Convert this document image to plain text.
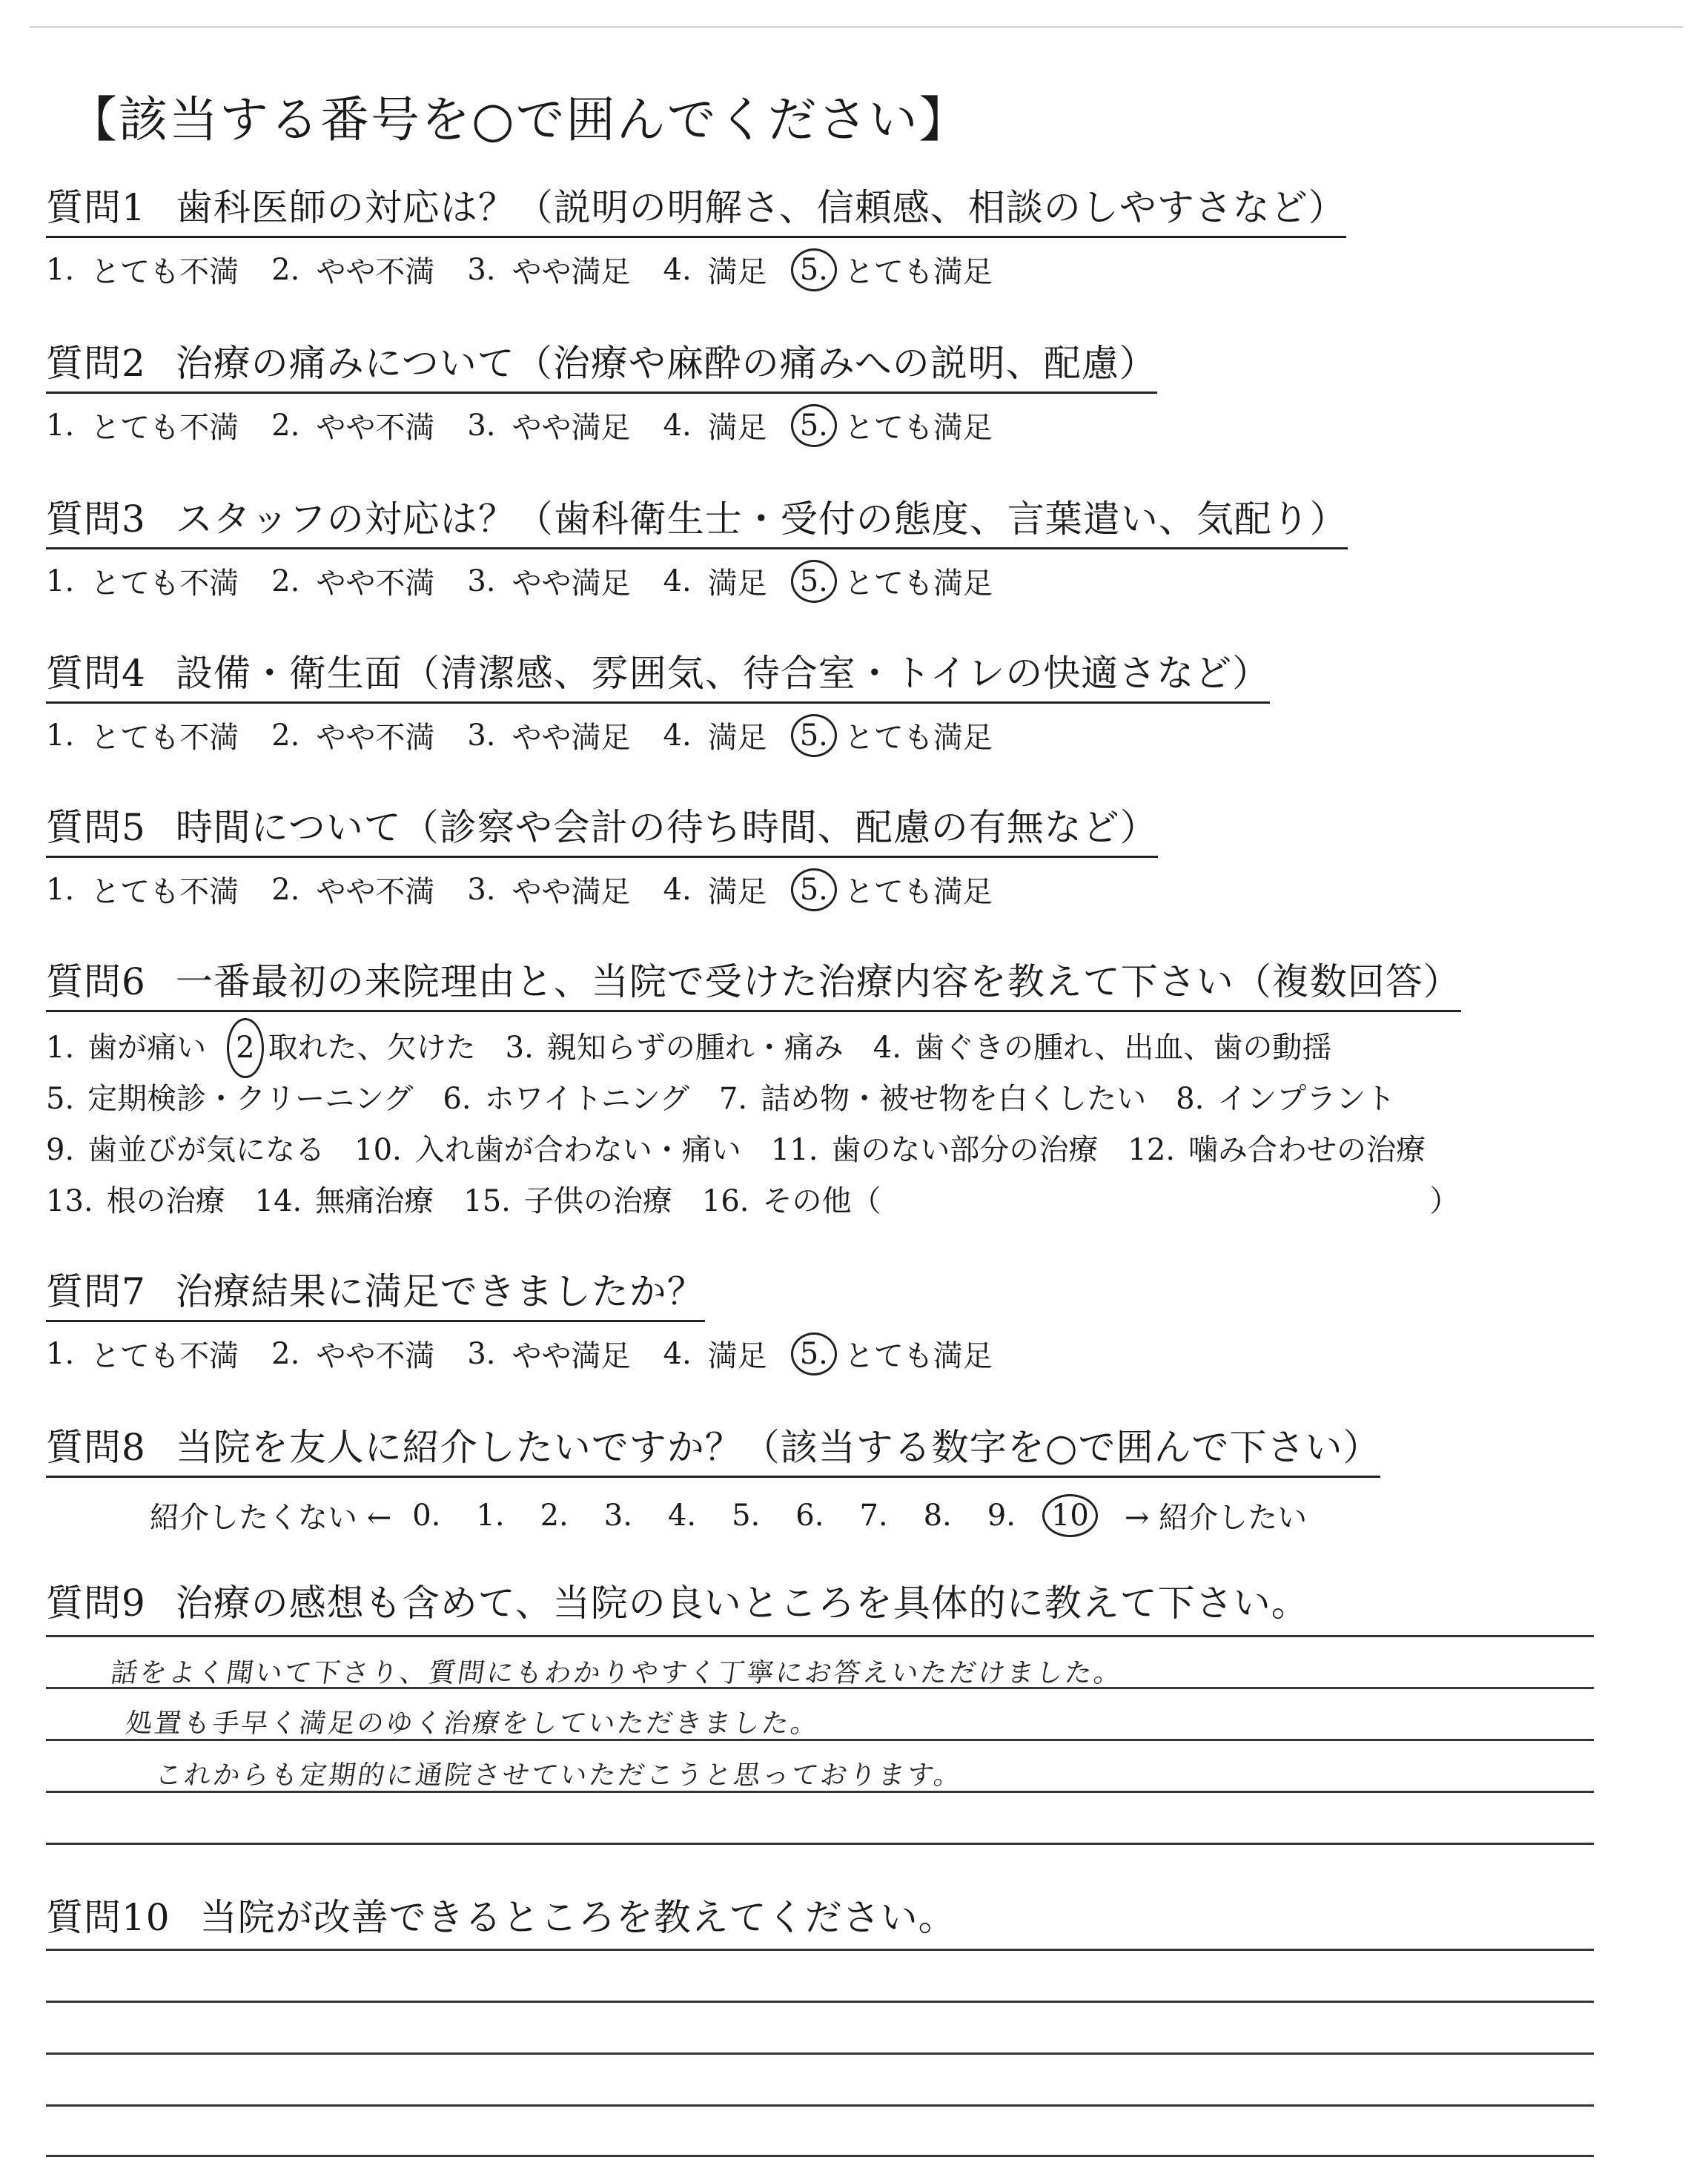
【該当する番号を○で囲んでください】
質問1 歯科医師の対応は？（説明の明解さ、信頼感、相談のしやすさなど）
1. とても不満 2. やや不満 3. やや満足 4. 満足 5. とても満足
質問2 治療の痛みについて（治療や麻酔の痛みへの説明、配慮）
1. とても不満 2. やや不満 3. やや満足 4. 満足 5. とても満足
質問3 スタッフの対応は？（歯科衛生士・受付の態度、言葉遣い、気配り）
1. とても不満 2. やや不満 3. やや満足 4. 満足 5. とても満足
質問4 設備・衛生面（清潔感、雰囲気、待合室・トイレの快適さなど）
1. とても不満 2. やや不満 3. やや満足 4. 満足 5. とても満足
質問5 時間について（診察や会計の待ち時間、配慮の有無など）
1. とても不満 2. やや不満 3. やや満足 4. 満足 5. とても満足
質問6 一番最初の来院理由と、当院で受けた治療内容を教えて下さい（複数回答）
1. 歯が痛い 2 取れた、欠けた 3. 親知らずの腫れ・痛み 4. 歯ぐきの腫れ、出血、歯の動揺
5. 定期検診・クリーニング 6. ホワイトニング 7. 詰め物・被せ物を白くしたい 8. インプラント
9. 歯並びが気になる 10. 入れ歯が合わない・痛い 11. 歯のない部分の治療 12. 噛み合わせの治療
13. 根の治療 14. 無痛治療 15. 子供の治療 16. その他（	）
質問7 治療結果に満足できましたか？
1. とても不満 2. やや不満 3. やや満足 4. 満足 5. とても満足
質問8 当院を友人に紹介したいですか？（該当する数字を○で囲んで下さい）
紹介したくない ← 0. 1. 2. 3. 4. 5. 6. 7. 8. 9. 10 → 紹介したい
質問9 治療の感想も含めて、当院の良いところを具体的に教えて下さい。
話をよく聞いて下さり、質問にもわかりやすく丁寧にお答えいただけました。
処置も手早く満足のゆく治療をしていただきました。
これからも定期的に通院させていただこうと思っております。
質問10 当院が改善できるところを教えてください。
